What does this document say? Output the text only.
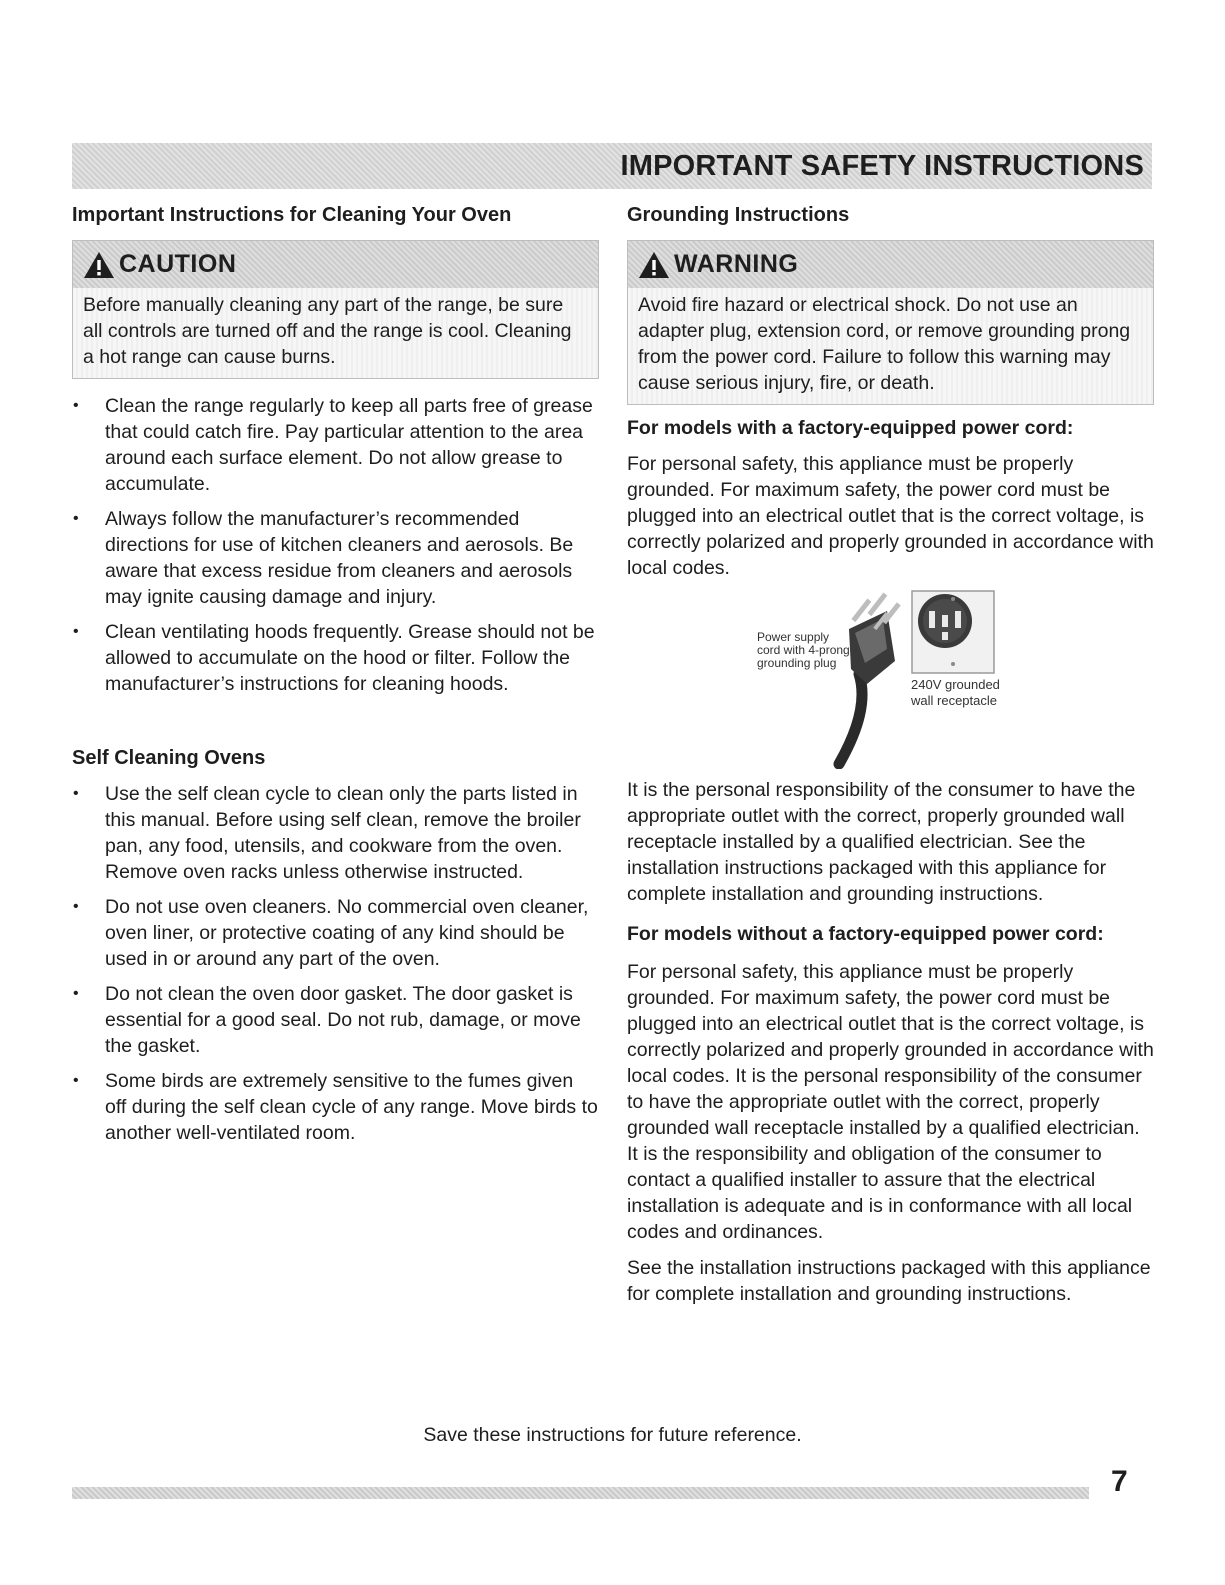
IMPORTANT SAFETY INSTRUCTIONS
Important Instructions for Cleaning Your Oven
CAUTION
Before manually cleaning any part of the range, be sure all controls are turned off and the range is cool. Cleaning a hot range can cause burns.
• Clean the range regularly to keep all parts free of grease that could catch fire. Pay particular attention to the area around each surface element. Do not allow grease to accumulate.
• Always follow the manufacturer’s recommended directions for use of kitchen cleaners and aerosols. Be aware that excess residue from cleaners and aerosols may ignite causing damage and injury.
• Clean ventilating hoods frequently. Grease should not be allowed to accumulate on the hood or filter. Follow the manufacturer’s instructions for cleaning hoods.
Self Cleaning Ovens
• Use the self clean cycle to clean only the parts listed in this manual. Before using self clean, remove the broiler pan, any food, utensils, and cookware from the oven. Remove oven racks unless otherwise instructed.
• Do not use oven cleaners. No commercial oven cleaner, oven liner, or protective coating of any kind should be used in or around any part of the oven.
• Do not clean the oven door gasket. The door gasket is essential for a good seal. Do not rub, damage, or move the gasket.
• Some birds are extremely sensitive to the fumes given off during the self clean cycle of any range. Move birds to another well-ventilated room.
Grounding Instructions
WARNING
Avoid fire hazard or electrical shock. Do not use an adapter plug, extension cord, or remove grounding prong from the power cord. Failure to follow this warning may cause serious injury, fire, or death.
For models with a factory-equipped power cord:

For personal safety, this appliance must be properly grounded. For maximum safety, the power cord must be plugged into an electrical outlet that is the correct voltage, is correctly polarized and properly grounded in accordance with local codes.

Power supply
cord with 4-prong
grounding plug
240V grounded
wall receptacle

It is the personal responsibility of the consumer to have the appropriate outlet with the correct, properly grounded wall receptacle installed by a qualified electrician. See the installation instructions packaged with this appliance for complete installation and grounding instructions.

For models without a factory-equipped power cord:

For personal safety, this appliance must be properly grounded. For maximum safety, the power cord must be plugged into an electrical outlet that is the correct voltage, is correctly polarized and properly grounded in accordance with local codes. It is the personal responsibility of the consumer to have the appropriate outlet with the correct, properly grounded wall receptacle installed by a qualified electrician. It is the responsibility and obligation of the consumer to contact a qualified installer to assure that the electrical installation is adequate and is in conformance with all local codes and ordinances.

See the installation instructions packaged with this appliance for complete installation and grounding instructions.

Save these instructions for future reference.
7
